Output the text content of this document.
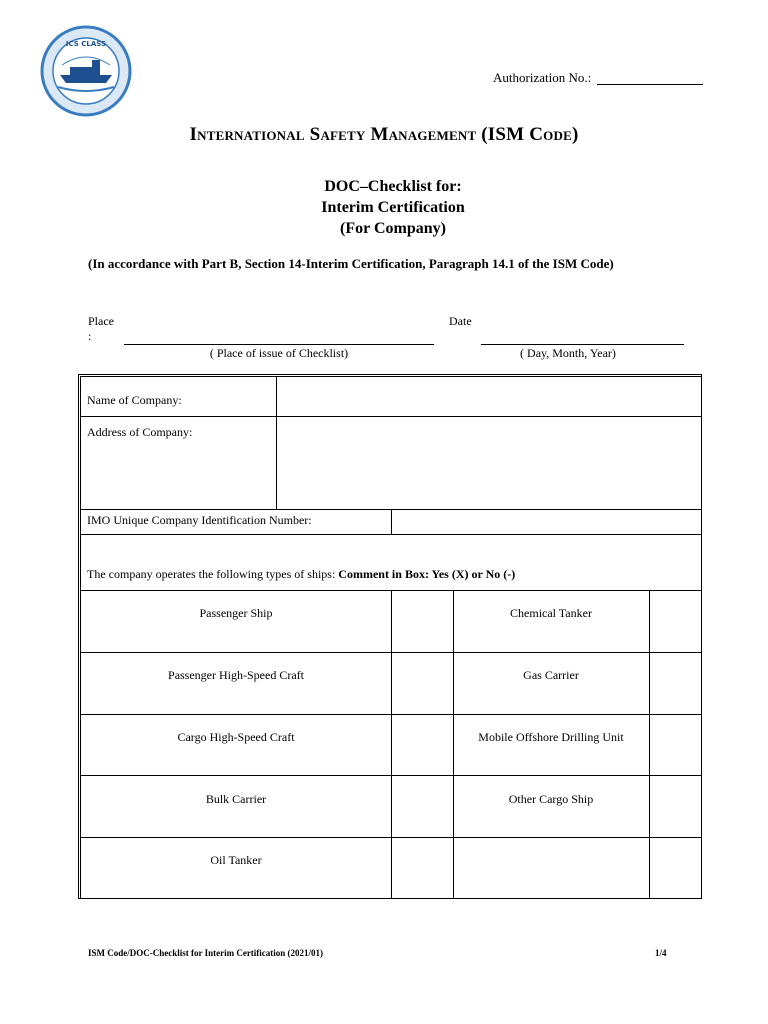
ICS CLASS
Authorization No.:
International Safety Management (ISM Code)
DOC–Checklist for:
Interim Certification
(For Company)
(In accordance with Part B, Section 14-Interim Certification, Paragraph 14.1 of the ISM Code)
Place
:
( Place of issue of Checklist)
Date
( Day, Month, Year)
Name of Company:
Address of Company:
IMO Unique Company Identification Number:
The company operates the following types of ships: Comment in Box: Yes (X) or No (-)
Passenger Ship	Chemical Tanker
Passenger High-Speed Craft	Gas Carrier
Cargo High-Speed Craft	Mobile Offshore Drilling Unit
Bulk Carrier	Other Cargo Ship
Oil Tanker
ISM Code/DOC-Checklist for Interim Certification (2021/01)	1/4
